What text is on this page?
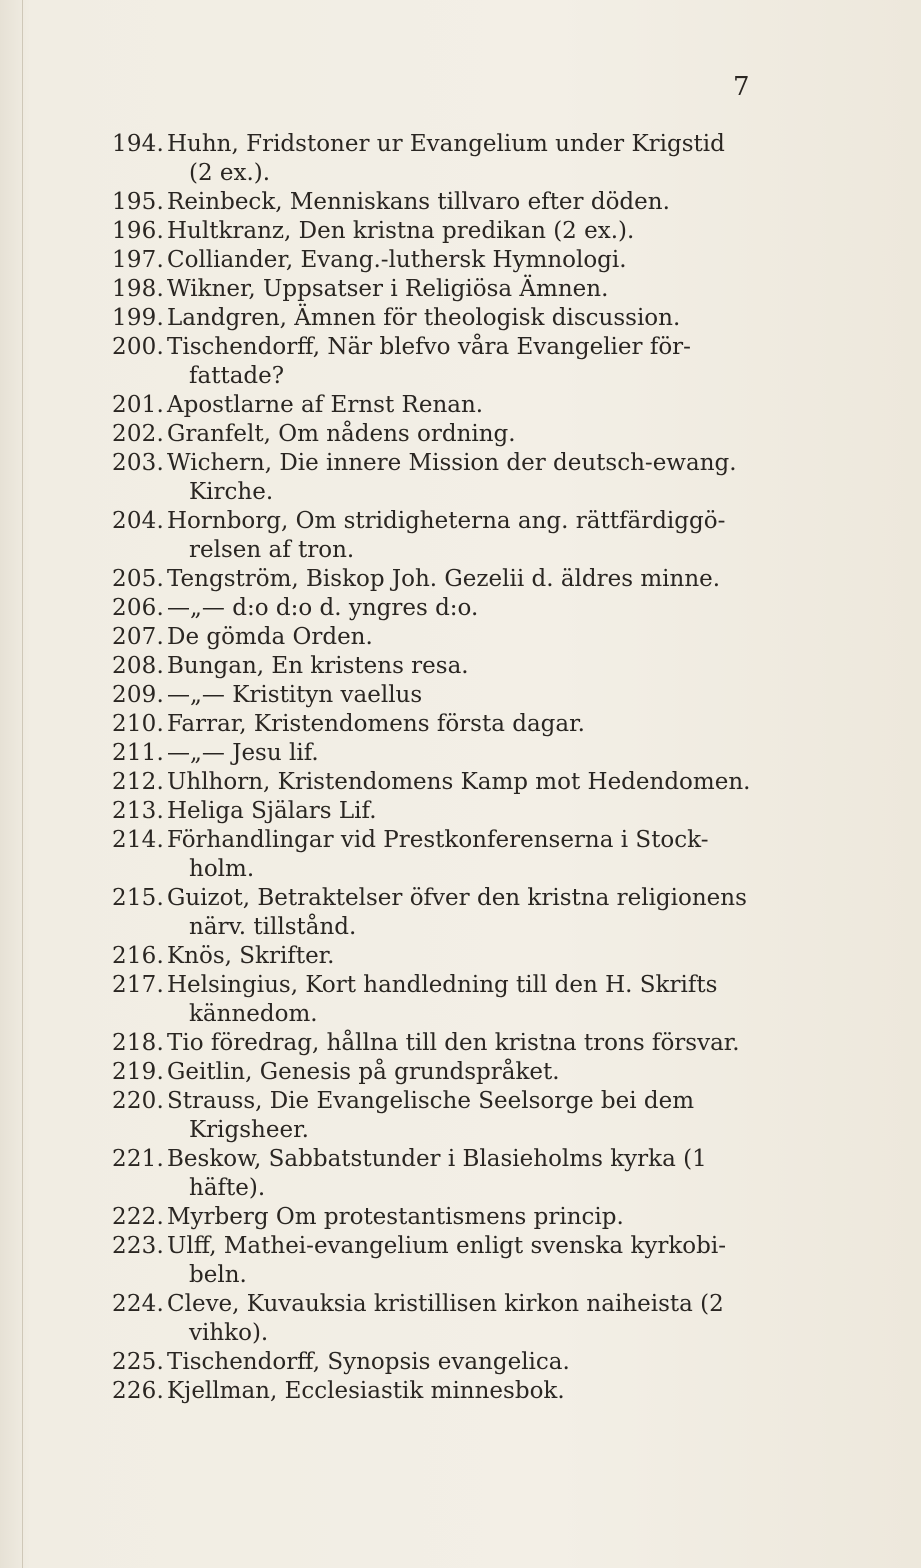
7
194. Huhn, Fridstoner ur Evangelium under Krigstid
(2 ex.).
195. Reinbeck, Menniskans tillvaro efter döden.
196. Hultkranz, Den kristna predikan (2 ex.).
197. Colliander, Evang.-luthersk Hymnologi.
198. Wikner, Uppsatser i Religiösa Ämnen.
199. Landgren, Ämnen för theologisk discussion.
200. Tischendorff, När blefvo våra Evangelier för-
fattade?
201. Apostlarne af Ernst Renan.
202. Granfelt, Om nådens ordning.
203. Wichern, Die innere Mission der deutsch-ewang.
Kirche.
204. Hornborg, Om stridigheterna ang. rättfärdiggö-
relsen af tron.
205. Tengström, Biskop Joh. Gezelii d. äldres minne.
206. —„— d:o d:o d. yngres d:o.
207. De gömda Orden.
208. Bungan, En kristens resa.
209. —„— Kristityn vaellus
210. Farrar, Kristendomens första dagar.
211. —„— Jesu lif.
212. Uhlhorn, Kristendomens Kamp mot Hedendomen.
213. Heliga Själars Lif.
214. Förhandlingar vid Prestkonferenserna i Stock-
holm.
215. Guizot, Betraktelser öfver den kristna religionens
närv. tillstånd.
216. Knös, Skrifter.
217. Helsingius, Kort handledning till den H. Skrifts
kännedom.
218. Tio föredrag, hållna till den kristna trons försvar.
219. Geitlin, Genesis på grundspråket.
220. Strauss, Die Evangelische Seelsorge bei dem
Krigsheer.
221. Beskow, Sabbatstunder i Blasieholms kyrka (1
häfte).
222. Myrberg Om protestantismens princip.
223. Ulff, Mathei-evangelium enligt svenska kyrkobi-
beln.
224. Cleve, Kuvauksia kristillisen kirkon naiheista (2
vihko).
225. Tischendorff, Synopsis evangelica.
226. Kjellman, Ecclesiastik minnesbok.
